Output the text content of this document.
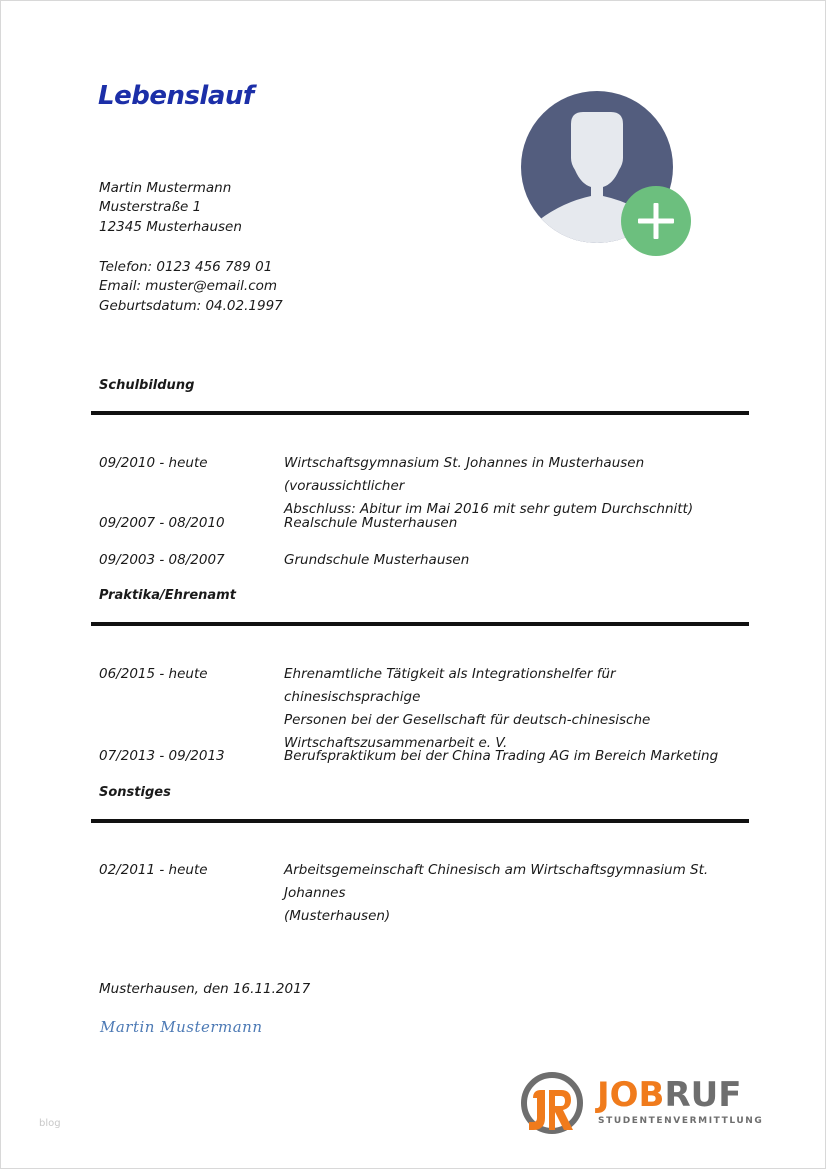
Lebenslauf
Martin Mustermann
Musterstraße 1
12345 Musterhausen
Telefon: 0123 456 789 01
Email: muster@email.com
Geburtsdatum: 04.02.1997
Schulbildung
09/2010 - heute	Wirtschaftsgymnasium St. Johannes in Musterhausen (voraussichtlicher
Abschluss: Abitur im Mai 2016 mit sehr gutem Durchschnitt)
09/2007 - 08/2010	Realschule Musterhausen
09/2003 - 08/2007	Grundschule Musterhausen
Praktika/Ehrenamt
06/2015 - heute	Ehrenamtliche Tätigkeit als Integrationshelfer für chinesischsprachige
Personen bei der Gesellschaft für deutsch-chinesische
Wirtschaftszusammenarbeit e. V.
07/2013 - 09/2013	Berufspraktikum bei der China Trading AG im Bereich Marketing
Sonstiges
02/2011 - heute	Arbeitsgemeinschaft Chinesisch am Wirtschaftsgymnasium St. Johannes
(Musterhausen)
Musterhausen, den 16.11.2017
Martin Mustermann
JOBRUF
STUDENTENVERMITTLUNG
blog
